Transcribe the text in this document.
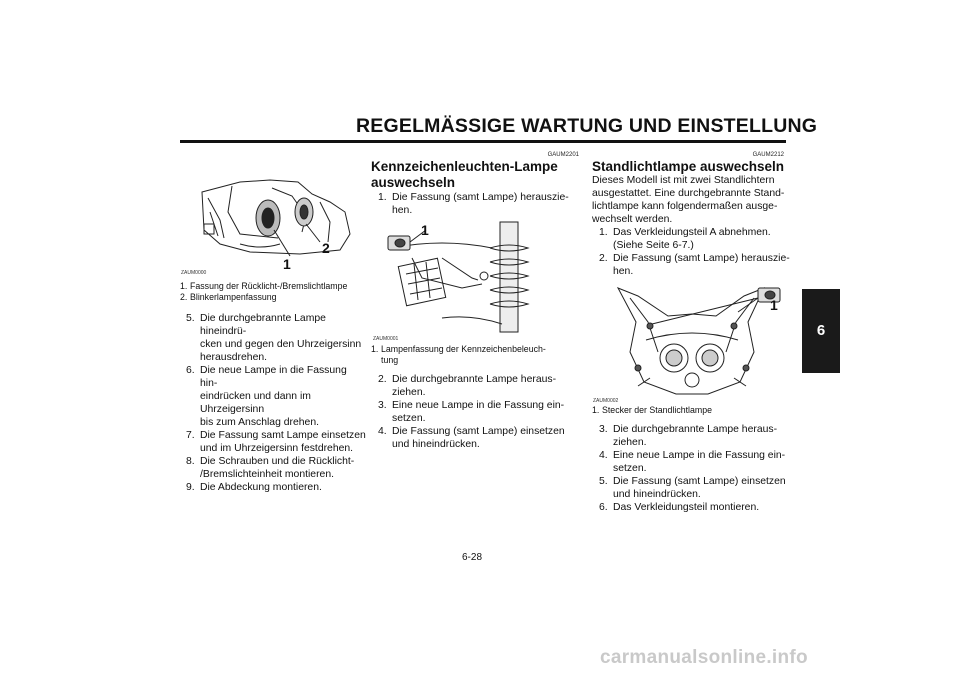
REGELMÄSSIGE WARTUNG UND EINSTELLUNG
6
1
2
ZAUM0000
1. Fassung der Rücklicht-/Bremslichtlampe
2. Blinkerlampenfassung
5. Die durchgebrannte Lampe hineindrü-
cken und gegen den Uhrzeigersinn
herausdrehen.
6. Die neue Lampe in die Fassung hin-
eindrücken und dann im Uhrzeigersinn
bis zum Anschlag drehen.
7. Die Fassung samt Lampe einsetzen
und im Uhrzeigersinn festdrehen.
8. Die Schrauben und die Rücklicht-
/Bremslichteinheit montieren.
9. Die Abdeckung montieren.
GAUM2201
Kennzeichenleuchten-Lampe
auswechseln
1. Die Fassung (samt Lampe) herauszie-
hen.
1
ZAUM0001
1. Lampenfassung der Kennzeichenbeleuch-
tung
2. Die durchgebrannte Lampe heraus-
ziehen.
3. Eine neue Lampe in die Fassung ein-
setzen.
4. Die Fassung (samt Lampe) einsetzen
und hineindrücken.
GAUM2212
Standlichtlampe auswechseln
Dieses Modell ist mit zwei Standlichtern
ausgestattet. Eine durchgebrannte Stand-
lichtlampe kann folgendermaßen ausge-
wechselt werden.
1. Das Verkleidungsteil A abnehmen.
(Siehe Seite 6-7.)
2. Die Fassung (samt Lampe) herauszie-
hen.
1
ZAUM0002
1. Stecker der Standlichtlampe
3. Die durchgebrannte Lampe heraus-
ziehen.
4. Eine neue Lampe in die Fassung ein-
setzen.
5. Die Fassung (samt Lampe) einsetzen
und hineindrücken.
6. Das Verkleidungsteil montieren.
6-28
carmanualsonline.info
